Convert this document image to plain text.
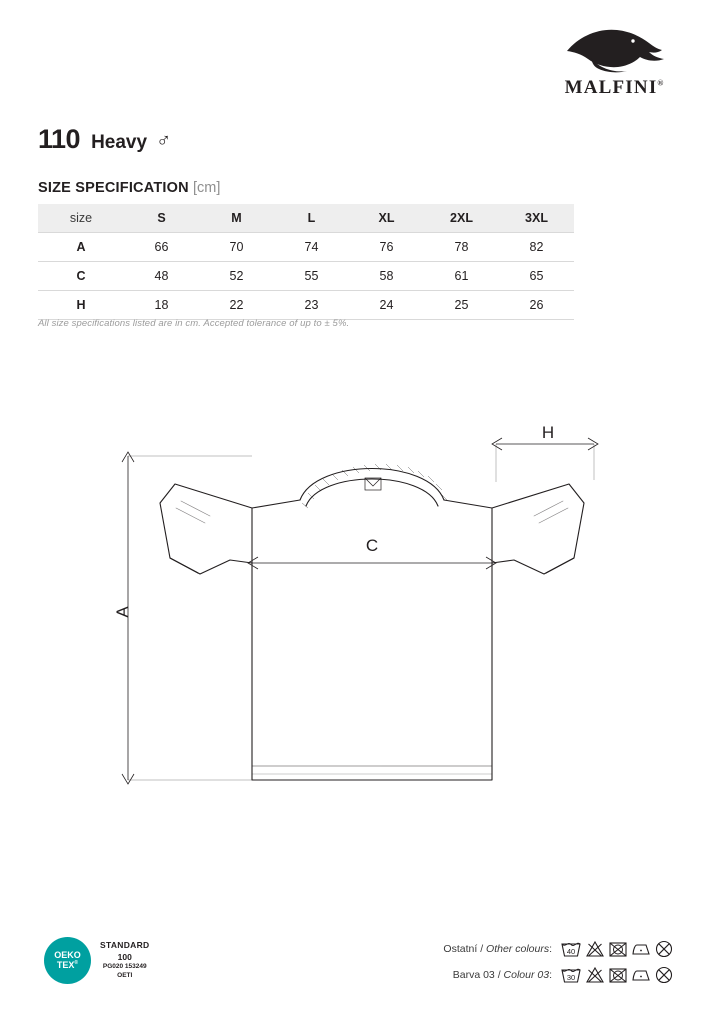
MALFINI®
110 Heavy ♂
SIZE SPECIFICATION [cm]
size	S	M	L	XL	2XL	3XL
A	66	70	74	76	78	82
C	48	52	55	58	61	65
H	18	22	23	24	25	26
All size specifications listed are in cm. Accepted tolerance of up to ± 5%.
A
C
H
OEKO
TEX®
STANDARD
100
PG020 153249
OETI
Ostatní / Other colours: 40
Barva 03 / Colour 03: 30
